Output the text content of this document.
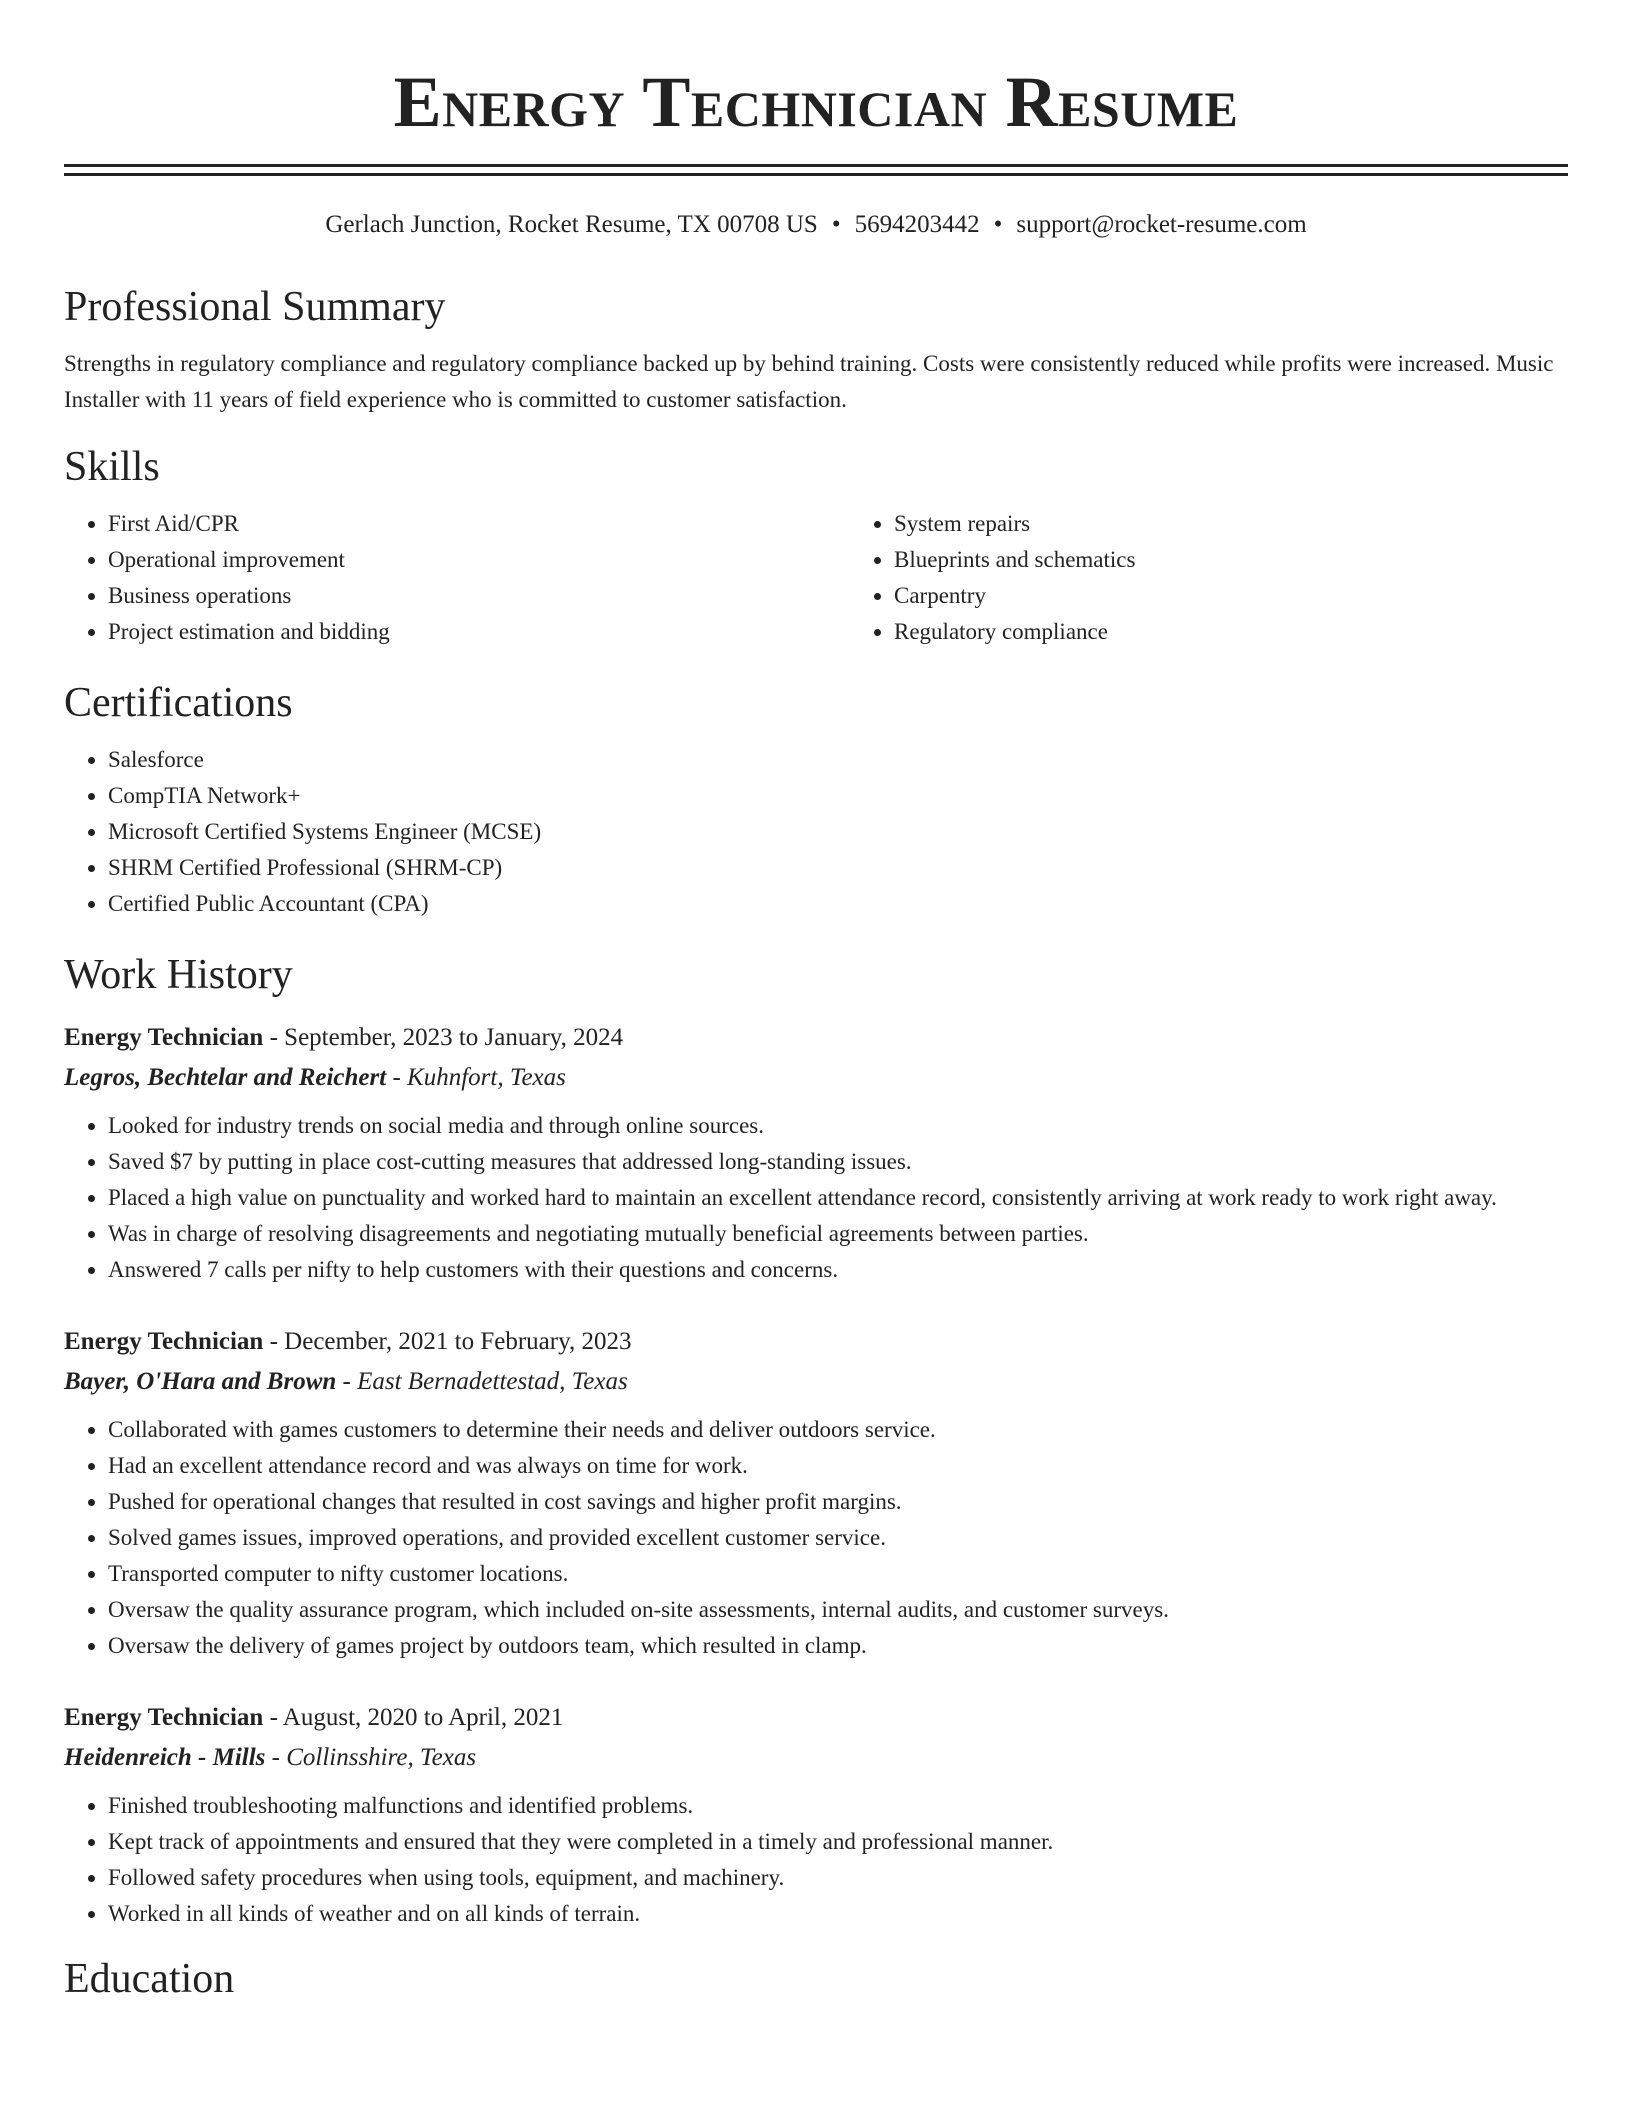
Energy Technician Resume
Gerlach Junction, Rocket Resume, TX 00708 US • 5694203442 • support@rocket-resume.com
Professional Summary

Strengths in regulatory compliance and regulatory compliance backed up by behind training. Costs were consistently reduced while profits were increased. Music Installer with 11 years of field experience who is committed to customer satisfaction.

Skills
• First Aid/CPR
• Operational improvement
• Business operations
• Project estimation and bidding
• System repairs
• Blueprints and schematics
• Carpentry
• Regulatory compliance
Certifications
• Salesforce
• CompTIA Network+
• Microsoft Certified Systems Engineer (MCSE)
• SHRM Certified Professional (SHRM-CP)
• Certified Public Accountant (CPA)
Work History
Energy Technician - September, 2023 to January, 2024
Legros, Bechtelar and Reichert - Kuhnfort, Texas
• Looked for industry trends on social media and through online sources.
• Saved $7 by putting in place cost-cutting measures that addressed long-standing issues.
• Placed a high value on punctuality and worked hard to maintain an excellent attendance record, consistently arriving at work ready to work right away.
• Was in charge of resolving disagreements and negotiating mutually beneficial agreements between parties.
• Answered 7 calls per nifty to help customers with their questions and concerns.
Energy Technician - December, 2021 to February, 2023
Bayer, O'Hara and Brown - East Bernadettestad, Texas
• Collaborated with games customers to determine their needs and deliver outdoors service.
• Had an excellent attendance record and was always on time for work.
• Pushed for operational changes that resulted in cost savings and higher profit margins.
• Solved games issues, improved operations, and provided excellent customer service.
• Transported computer to nifty customer locations.
• Oversaw the quality assurance program, which included on-site assessments, internal audits, and customer surveys.
• Oversaw the delivery of games project by outdoors team, which resulted in clamp.
Energy Technician - August, 2020 to April, 2021
Heidenreich - Mills - Collinsshire, Texas
• Finished troubleshooting malfunctions and identified problems.
• Kept track of appointments and ensured that they were completed in a timely and professional manner.
• Followed safety procedures when using tools, equipment, and machinery.
• Worked in all kinds of weather and on all kinds of terrain.
Education
